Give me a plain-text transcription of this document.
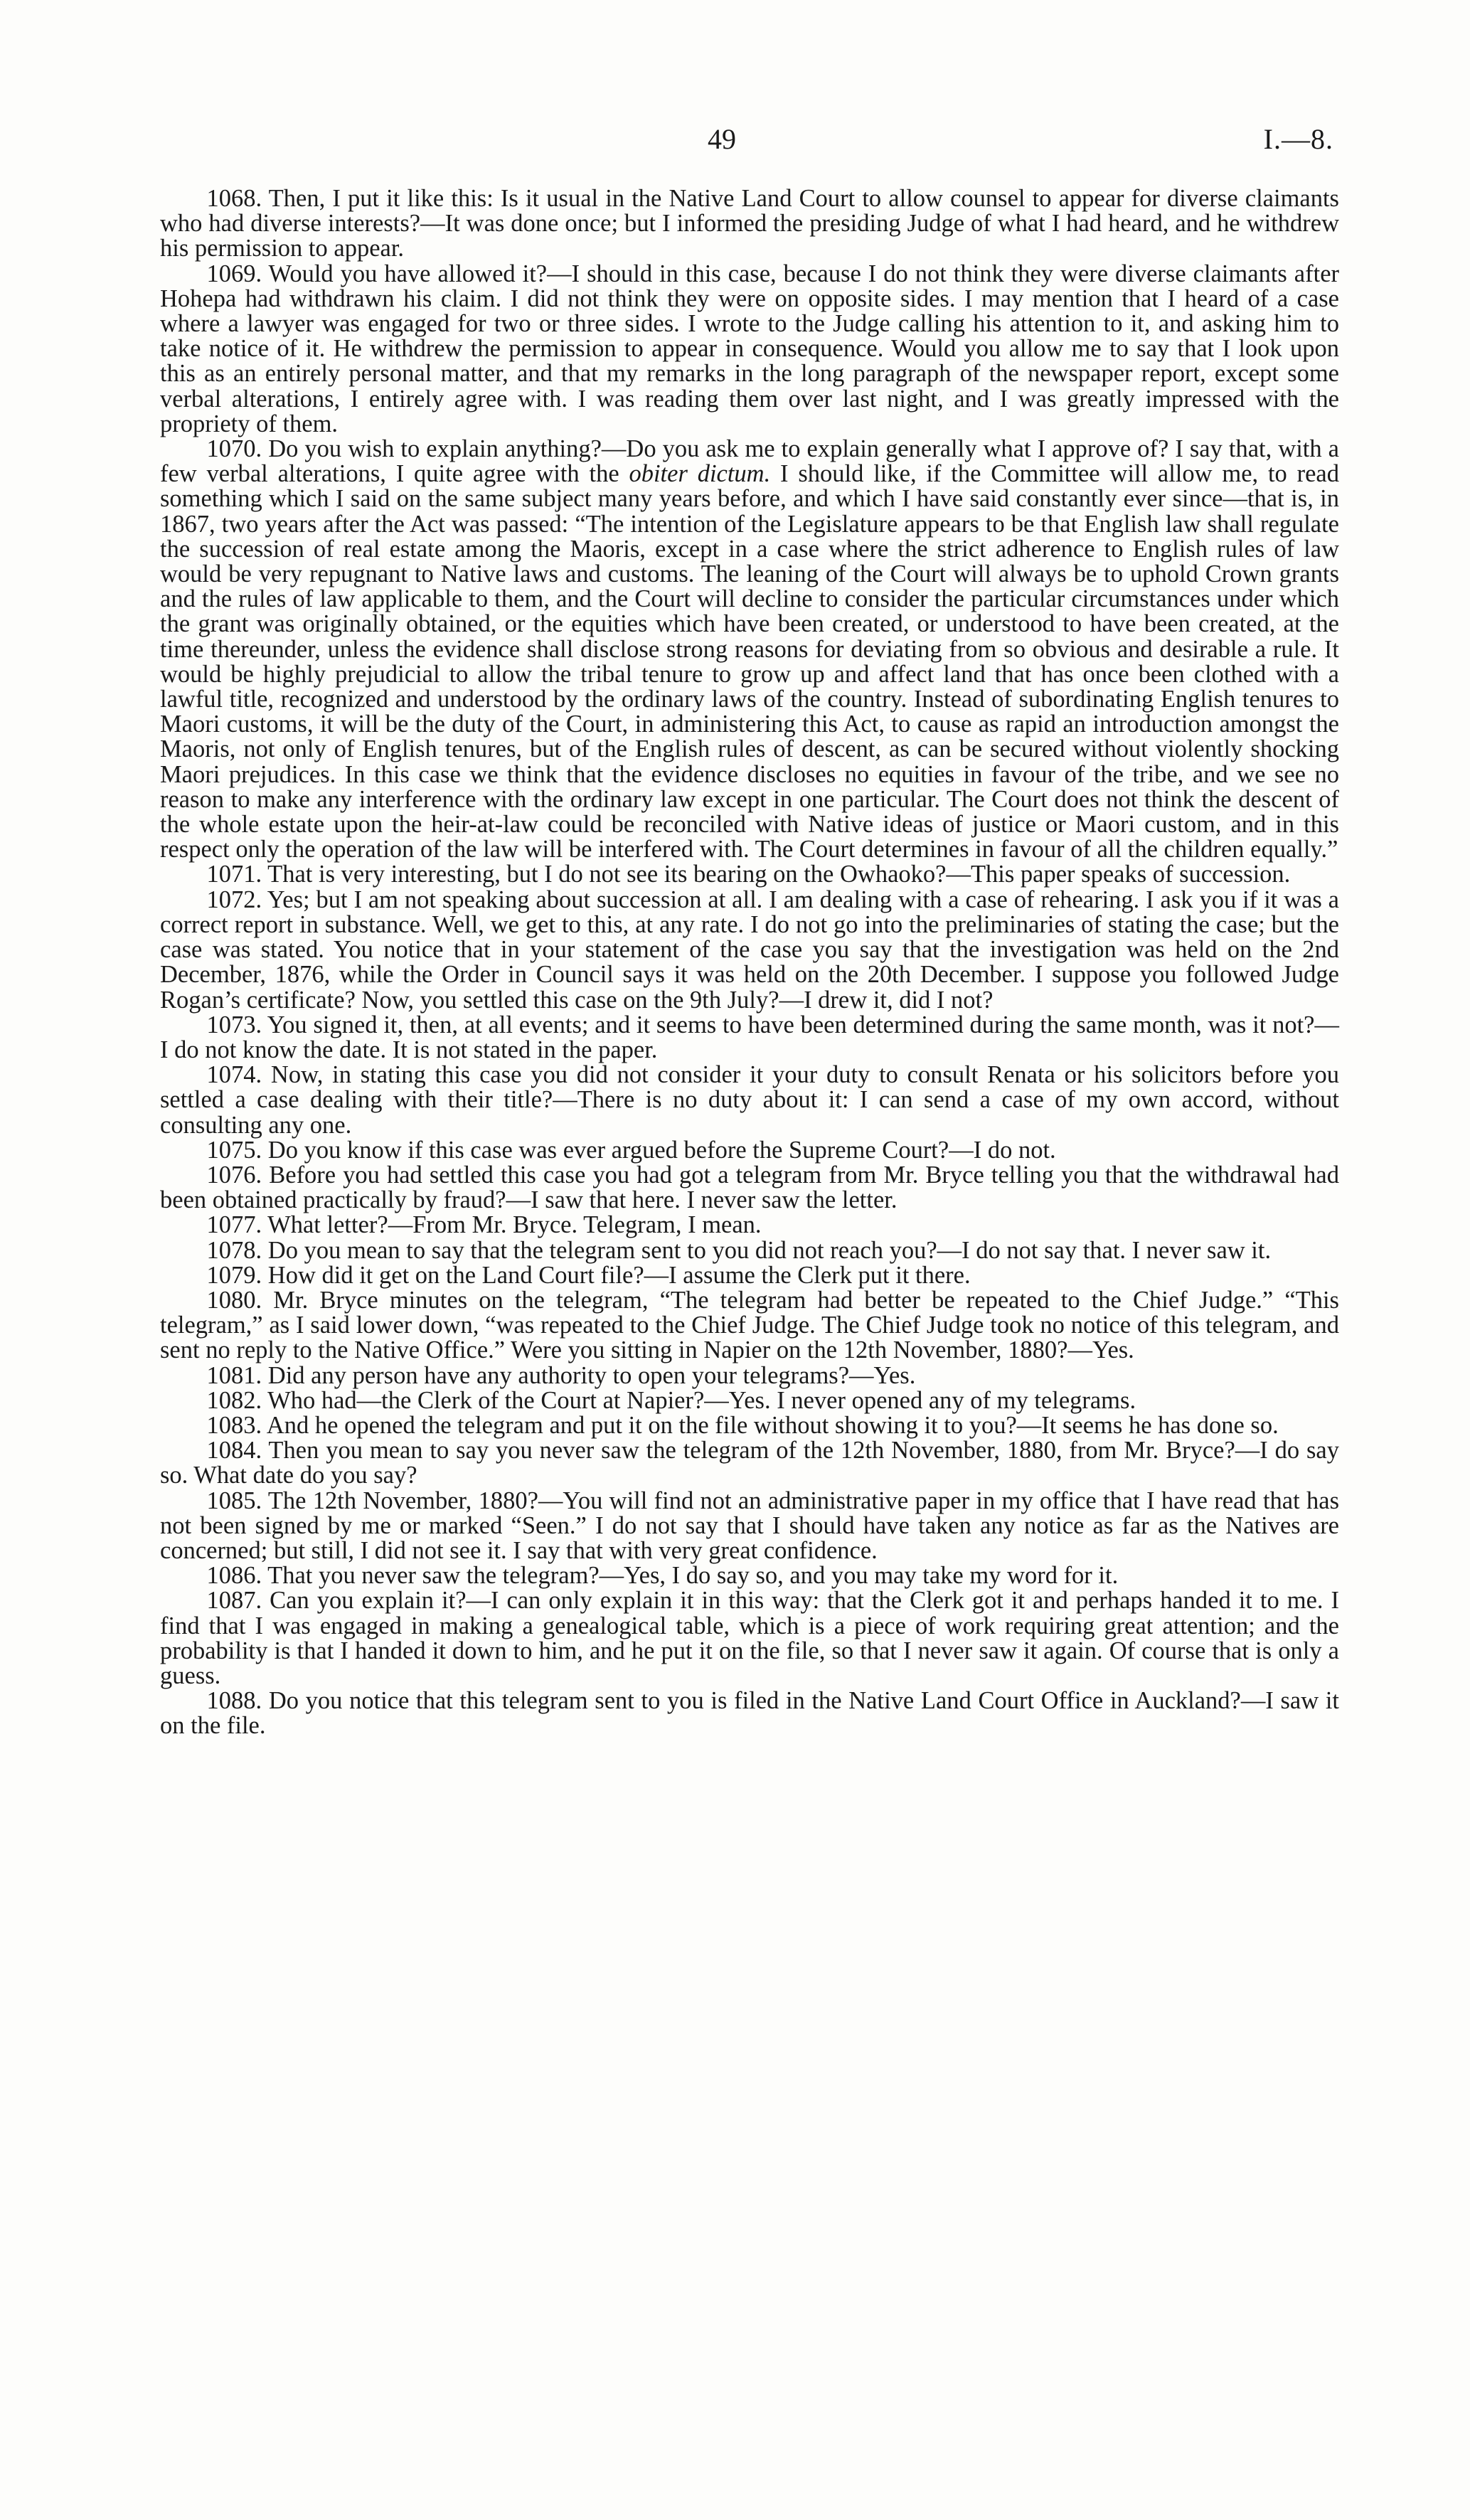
49	I.—8.

1068. Then, I put it like this: Is it usual in the Native Land Court to allow counsel to appear for diverse claimants who had diverse interests?—It was done once; but I informed the presiding Judge of what I had heard, and he withdrew his permission to appear.

1069. Would you have allowed it?—I should in this case, because I do not think they were diverse claimants after Hohepa had withdrawn his claim. I did not think they were on opposite sides. I may mention that I heard of a case where a lawyer was engaged for two or three sides. I wrote to the Judge calling his attention to it, and asking him to take notice of it. He withdrew the permission to appear in consequence. Would you allow me to say that I look upon this as an entirely personal matter, and that my remarks in the long paragraph of the newspaper report, except some verbal alterations, I entirely agree with. I was reading them over last night, and I was greatly impressed with the propriety of them.

1070. Do you wish to explain anything?—Do you ask me to explain generally what I approve of? I say that, with a few verbal alterations, I quite agree with the obiter dictum. I should like, if the Committee will allow me, to read something which I said on the same subject many years before, and which I have said constantly ever since—that is, in 1867, two years after the Act was passed: “The intention of the Legislature appears to be that English law shall regulate the succession of real estate among the Maoris, except in a case where the strict adherence to English rules of law would be very repugnant to Native laws and customs. The leaning of the Court will always be to uphold Crown grants and the rules of law applicable to them, and the Court will decline to consider the particular circumstances under which the grant was originally obtained, or the equities which have been created, or understood to have been created, at the time thereunder, unless the evidence shall disclose strong reasons for deviating from so obvious and desirable a rule. It would be highly prejudicial to allow the tribal tenure to grow up and affect land that has once been clothed with a lawful title, recognized and understood by the ordinary laws of the country. Instead of subordinating English tenures to Maori customs, it will be the duty of the Court, in administering this Act, to cause as rapid an introduction amongst the Maoris, not only of English tenures, but of the English rules of descent, as can be secured without violently shocking Maori prejudices. In this case we think that the evidence discloses no equities in favour of the tribe, and we see no reason to make any interference with the ordinary law except in one particular. The Court does not think the descent of the whole estate upon the heir-at-law could be reconciled with Native ideas of justice or Maori custom, and in this respect only the operation of the law will be interfered with. The Court determines in favour of all the children equally.”

1071. That is very interesting, but I do not see its bearing on the Owhaoko?—This paper speaks of succession.

1072. Yes; but I am not speaking about succession at all. I am dealing with a case of rehearing. I ask you if it was a correct report in substance. Well, we get to this, at any rate. I do not go into the preliminaries of stating the case; but the case was stated. You notice that in your statement of the case you say that the investigation was held on the 2nd December, 1876, while the Order in Council says it was held on the 20th December. I suppose you followed Judge Rogan’s certificate? Now, you settled this case on the 9th July?—I drew it, did I not?

1073. You signed it, then, at all events; and it seems to have been determined during the same month, was it not?—I do not know the date. It is not stated in the paper.

1074. Now, in stating this case you did not consider it your duty to consult Renata or his solicitors before you settled a case dealing with their title?—There is no duty about it: I can send a case of my own accord, without consulting any one.

1075. Do you know if this case was ever argued before the Supreme Court?—I do not.

1076. Before you had settled this case you had got a telegram from Mr. Bryce telling you that the withdrawal had been obtained practically by fraud?—I saw that here. I never saw the letter.

1077. What letter?—From Mr. Bryce. Telegram, I mean.

1078. Do you mean to say that the telegram sent to you did not reach you?—I do not say that. I never saw it.

1079. How did it get on the Land Court file?—I assume the Clerk put it there.

1080. Mr. Bryce minutes on the telegram, “The telegram had better be repeated to the Chief Judge.” “This telegram,” as I said lower down, “was repeated to the Chief Judge. The Chief Judge took no notice of this telegram, and sent no reply to the Native Office.” Were you sitting in Napier on the 12th November, 1880?—Yes.

1081. Did any person have any authority to open your telegrams?—Yes.

1082. Who had—the Clerk of the Court at Napier?—Yes. I never opened any of my telegrams.

1083. And he opened the telegram and put it on the file without showing it to you?—It seems he has done so.

1084. Then you mean to say you never saw the telegram of the 12th November, 1880, from Mr. Bryce?—I do say so. What date do you say?

1085. The 12th November, 1880?—You will find not an administrative paper in my office that I have read that has not been signed by me or marked “Seen.” I do not say that I should have taken any notice as far as the Natives are concerned; but still, I did not see it. I say that with very great confidence.

1086. That you never saw the telegram?—Yes, I do say so, and you may take my word for it.

1087. Can you explain it?—I can only explain it in this way: that the Clerk got it and perhaps handed it to me. I find that I was engaged in making a genealogical table, which is a piece of work requiring great attention; and the probability is that I handed it down to him, and he put it on the file, so that I never saw it again. Of course that is only a guess.

1088. Do you notice that this telegram sent to you is filed in the Native Land Court Office in Auckland?—I saw it on the file.
